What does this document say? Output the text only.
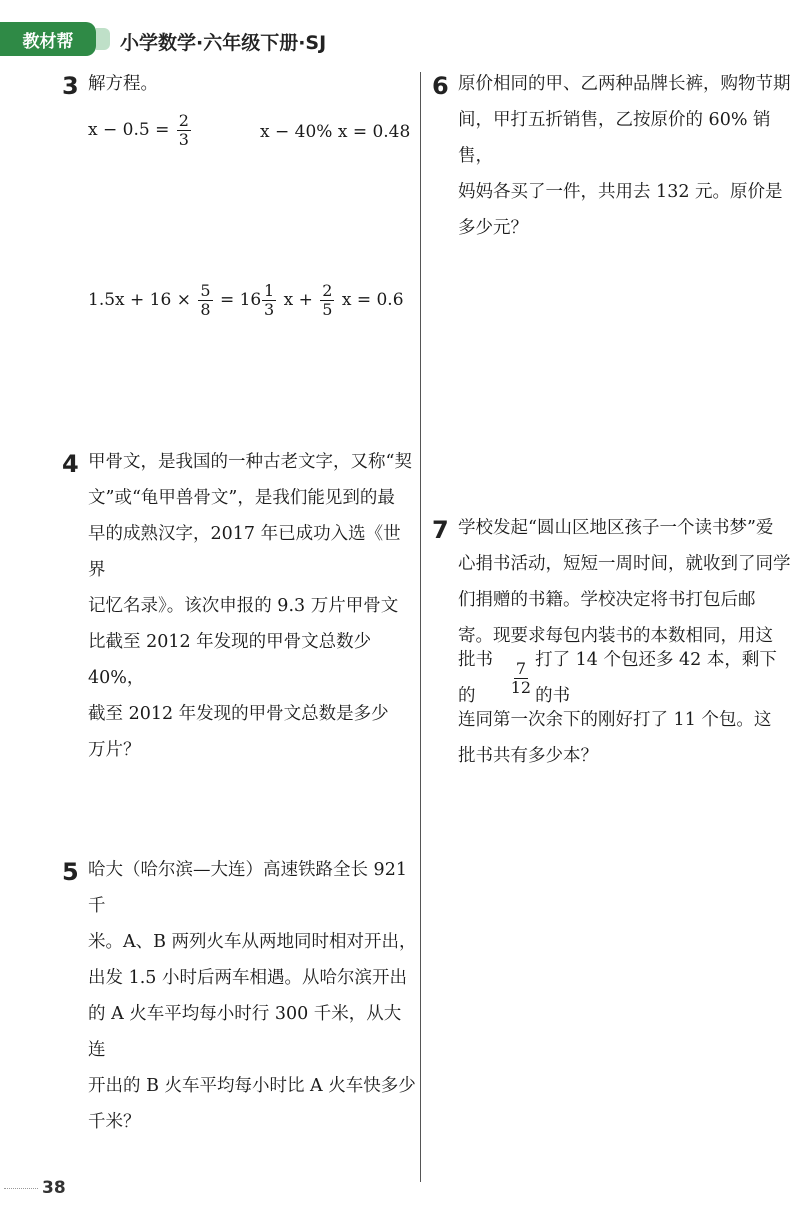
教材帮 小学数学·六年级下册·SJ
3 解方程。
$x - 0.5 = \frac{2}{3}$	x − 40% x = 0.48
$1.5x + 16 \times \frac{5}{8} = 16 \frac{1}{3}$ $x + \frac{2}{5}$ x = 0.6
4 甲骨文，是我国的一种古老文字，又称“契
文”或“龟甲兽骨文”，是我们能见到的最
早的成熟汉字，2017 年已成功入选《世界
记忆名录》。该次申报的 9.3 万片甲骨文
比截至 2012 年发现的甲骨文总数少 40%，
截至 2012 年发现的甲骨文总数是多少
万片？
5 哈大（哈尔滨—大连）高速铁路全长 921 千
米。A、B 两列火车从两地同时相对开出，
出发 1.5 小时后两车相遇。从哈尔滨开出
的 A 火车平均每小时行 300 千米，从大连
开出的 B 火车平均每小时比 A 火车快多少
千米？
6 原价相同的甲、乙两种品牌长裤，购物节期
间，甲打五折销售，乙按原价的 60% 销售，
妈妈各买了一件，共用去 132 元。原价是
多少元？
7 学校发起“圆山区地区孩子一个读书梦”爱
心捐书活动，短短一周时间，就收到了同学
们捐赠的书籍。学校决定将书打包后邮
寄。现要求每包内装书的本数相同，用这
批书的	$\frac{7}{12}$ 打了 14 个包还多 42 本，剩下的书
连同第一次余下的刚好打了 11 个包。这
批书共有多少本？
38
